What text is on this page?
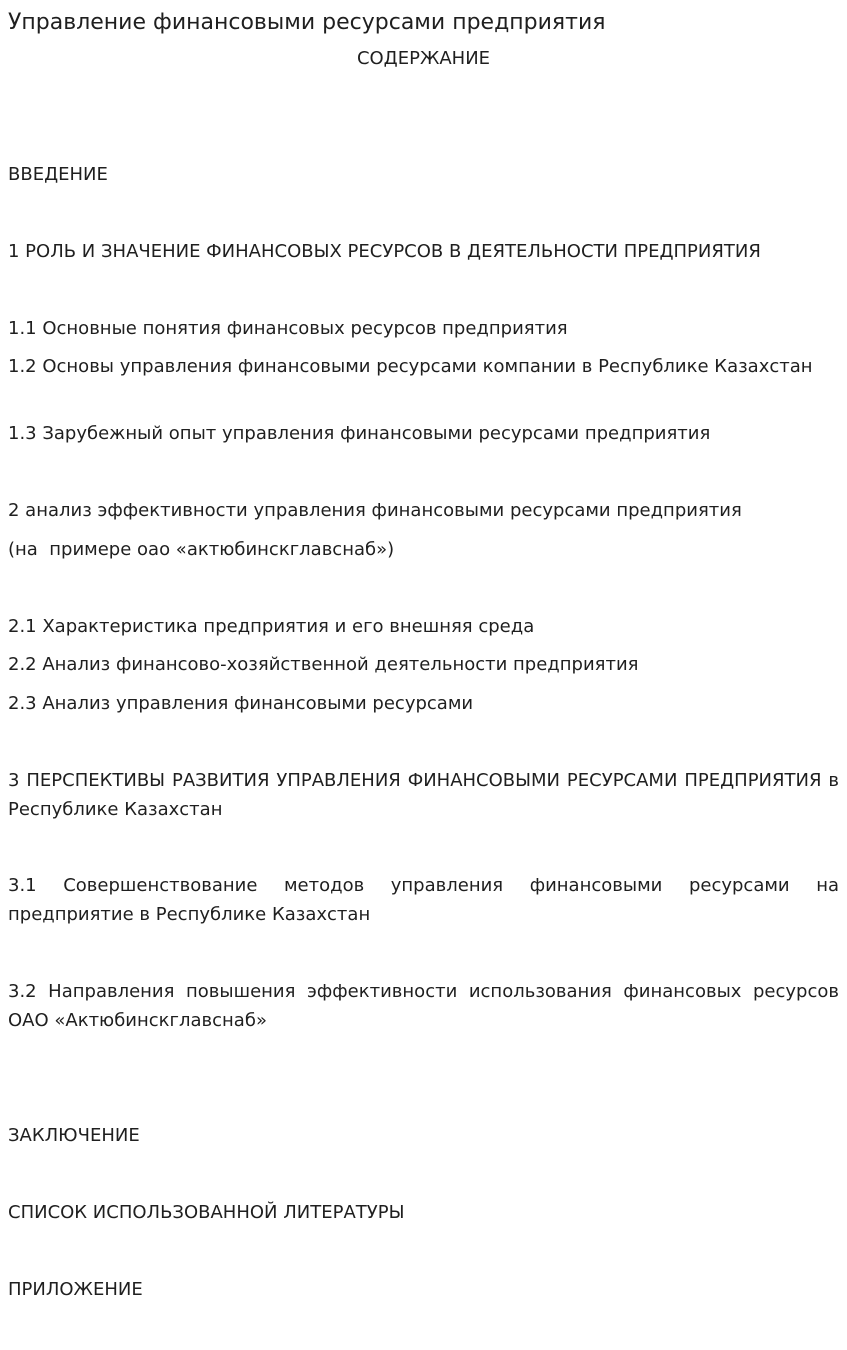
Управление финансовыми ресурсами предприятия
СОДЕРЖАНИЕ

ВВЕДЕНИЕ

1 РОЛЬ И ЗНАЧЕНИЕ ФИНАНСОВЫХ РЕСУРСОВ В ДЕЯТЕЛЬНОСТИ ПРЕДПРИЯТИЯ

1.1 Основные понятия финансовых ресурсов предприятия

1.2 Основы управления финансовыми ресурсами компании в Республике Казахстан

1.3 Зарубежный опыт управления финансовыми ресурсами предприятия

2 анализ эффективности управления финансовыми ресурсами предприятия

(на  примере оао «актюбинскглавснаб»)

2.1 Характеристика предприятия и его внешняя среда

2.2 Анализ финансово-хозяйственной деятельности предприятия

2.3 Анализ управления финансовыми ресурсами

3 ПЕРСПЕКТИВЫ РАЗВИТИЯ УПРАВЛЕНИЯ ФИНАНСОВЫМИ РЕСУРСАМИ ПРЕДПРИЯТИЯ в Республике Казахстан

3.1 Совершенствование методов управления финансовыми ресурсами на предприятие в Республике Казахстан

3.2 Направления повышения эффективности использования финансовых ресурсов ОАО «Актюбинскглавснаб»

ЗАКЛЮЧЕНИЕ

СПИСОК ИСПОЛЬЗОВАННОЙ ЛИТЕРАТУРЫ

ПРИЛОЖЕНИЕ
